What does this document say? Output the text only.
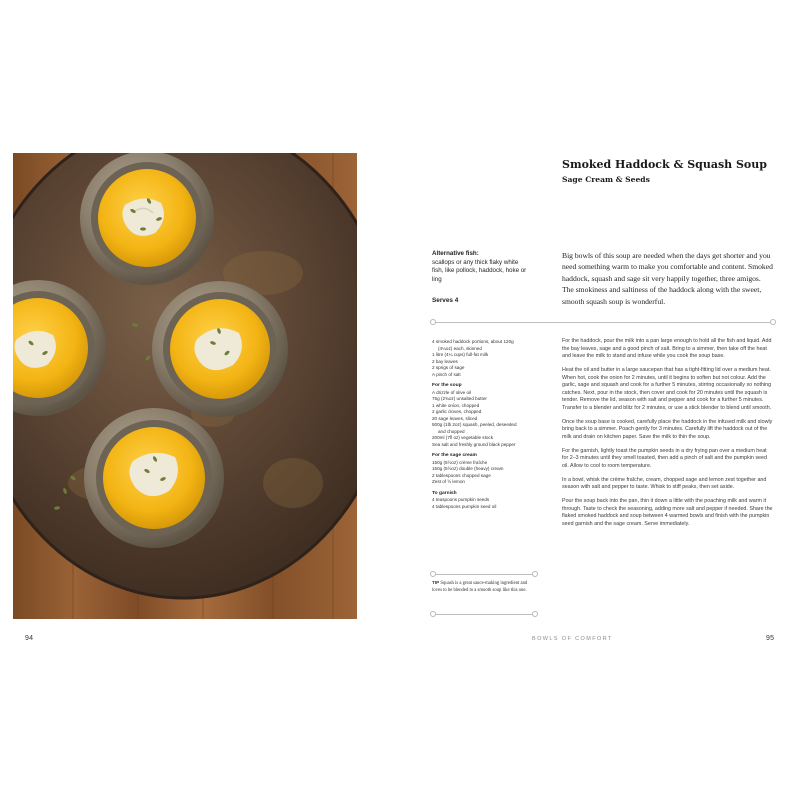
94	BOWLS OF COMFORT	95
Smoked Haddock & Squash Soup
Sage Cream & Seeds
Alternative fish:
scallops or any thick flaky white fish, like pollock, haddock, hoke or ling
Serves 4

Big bowls of this soup are needed when the days get shorter and you need something warm to make you comfortable and content. Smoked haddock, squash and sage sit very happily together, three amigos. The smokiness and saltiness of the haddock along with the sweet, smooth squash soup is wonderful.

4 smoked haddock portions, about 120g
(4¼oz) each, skinned
1 litre (4¼ cups) full-fat milk
2 bay leaves
2 sprigs of sage
A pinch of salt
For the soup
A drizzle of olive oil
75g (2¾oz) unsalted butter
1 white onion, chopped
2 garlic cloves, chopped
20 sage leaves, sliced
500g (1lb 2oz) squash, peeled, deseeded
and chopped
200ml (7fl oz) vegetable stock
Sea salt and freshly ground black pepper
For the sage cream
150g (5½oz) crème fraîche
150g (5½oz) double (heavy) cream
2 tablespoons chopped sage
Zest of ½ lemon
To garnish
4 teaspoons pumpkin seeds
4 tablespoons pumpkin seed oil
TIP Squash is a great sauce-making ingredient and loves to be blended to a smooth soup like this one.

For the haddock, pour the milk into a pan large enough to hold all the fish and liquid. Add the bay leaves, sage and a good pinch of salt. Bring to a simmer, then take off the heat and leave the milk to stand and infuse while you cook the soup base.

Heat the oil and butter in a large saucepan that has a tight-fitting lid over a medium heat. When hot, cook the onion for 2 minutes, until it begins to soften but not colour. Add the garlic, sage and squash and cook for a further 5 minutes, stirring occasionally so nothing catches. Next, pour in the stock, then cover and cook for 20 minutes until the squash is tender. Remove the lid, season with salt and pepper and cook for a further 5 minutes. Transfer to a blender and blitz for 2 minutes, or use a stick blender to blend until smooth.

Once the soup base is cooked, carefully place the haddock in the infused milk and slowly bring back to a simmer. Poach gently for 3 minutes. Carefully lift the haddock out of the milk and drain on kitchen paper. Save the milk to thin the soup.

For the garnish, lightly toast the pumpkin seeds in a dry frying pan over a medium heat for 2–3 minutes until they smell toasted, then add a pinch of salt and the pumpkin seed oil. Allow to cool to room temperature.

In a bowl, whisk the crème fraîche, cream, chopped sage and lemon zest together and season with salt and pepper to taste. Whisk to stiff peaks, then set aside.

Pour the soup back into the pan, thin it down a little with the poaching milk and warm it through. Taste to check the seasoning, adding more salt and pepper if needed. Share the flaked smoked haddock and soup between 4 warmed bowls and finish with the pumpkin seed garnish and the sage cream. Serve immediately.
